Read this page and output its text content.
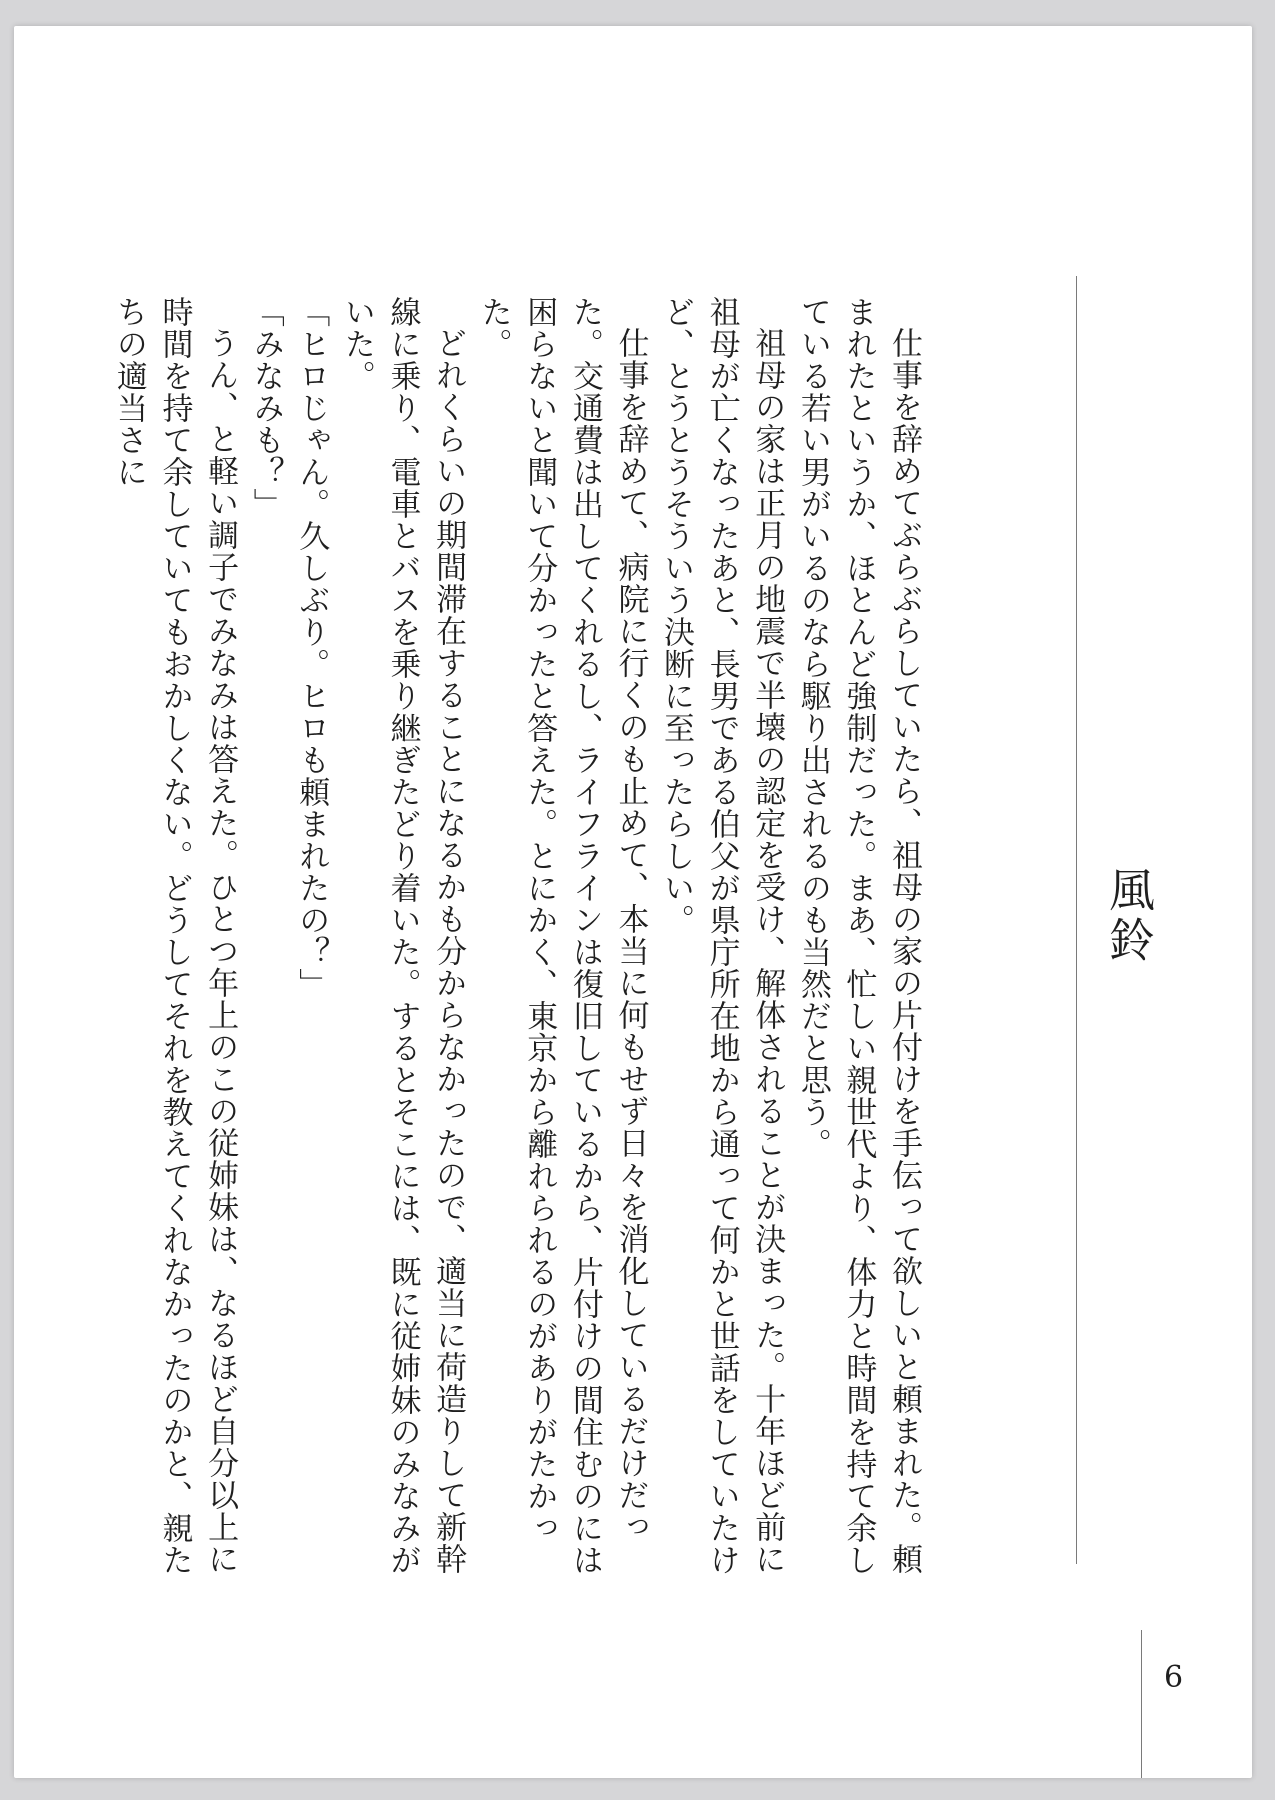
仕事を辞めてぶらぶらしていたら、祖母の家の片付けを手伝って欲しいと頼まれた。頼まれたというか、ほとんど強制だった。まあ、忙しい親世代より、体力と時間を持て余している若い男がいるのなら駆り出されるのも当然だと思う。

祖母の家は正月の地震で半壊の認定を受け、解体されることが決まった。十年ほど前に祖母が亡くなったあと、長男である伯父が県庁所在地から通って何かと世話をしていたけど、とうとうそういう決断に至ったらしい。

仕事を辞めて、病院に行くのも止めて、本当に何もせず日々を消化しているだけだった。交通費は出してくれるし、ライフラインは復旧しているから、片付けの間住むのには困らないと聞いて分かったと答えた。とにかく、東京から離れられるのがありがたかった。

どれくらいの期間滞在することになるかも分からなかったので、適当に荷造りして新幹線に乗り、電車とバスを乗り継ぎたどり着いた。するとそこには、既に従姉妹のみなみがいた。

「ヒロじゃん。久しぶり。ヒロも頼まれたの？」

「みなみも？」

うん、と軽い調子でみなみは答えた。ひとつ年上のこの従姉妹は、なるほど自分以上に時間を持て余していてもおかしくない。どうしてそれを教えてくれなかったのかと、親たちの適当さに

風鈴
6
